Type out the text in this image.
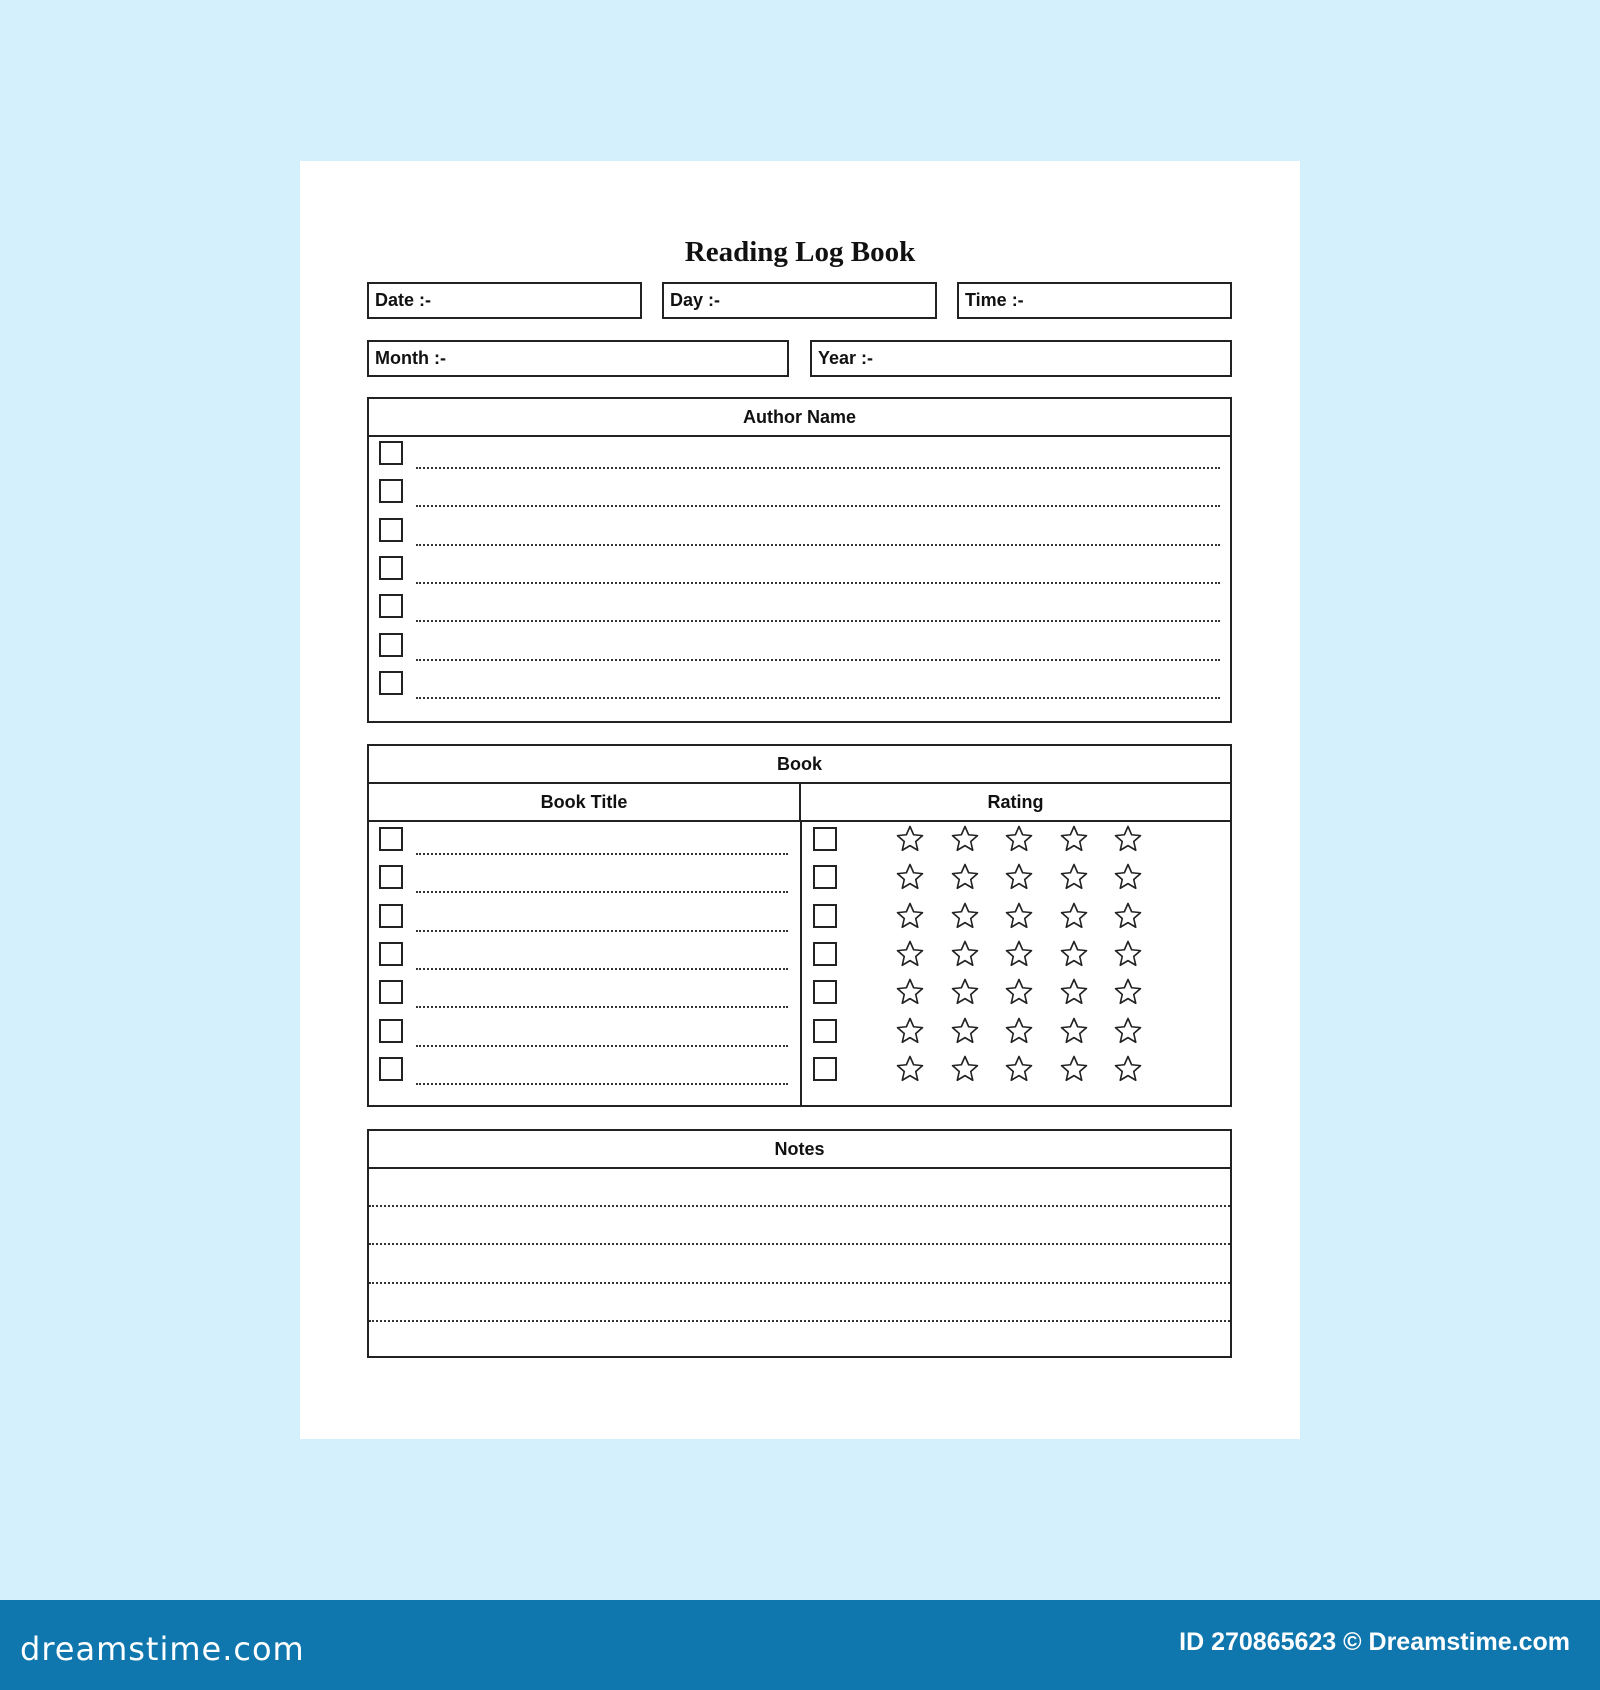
Reading Log Book
Date :-	Day :-	Time :-
Month :-	Year :-
Author Name
Book
Book Title	Rating
Notes
dreamstime.com	ID 270865623 © Dreamstime.com
